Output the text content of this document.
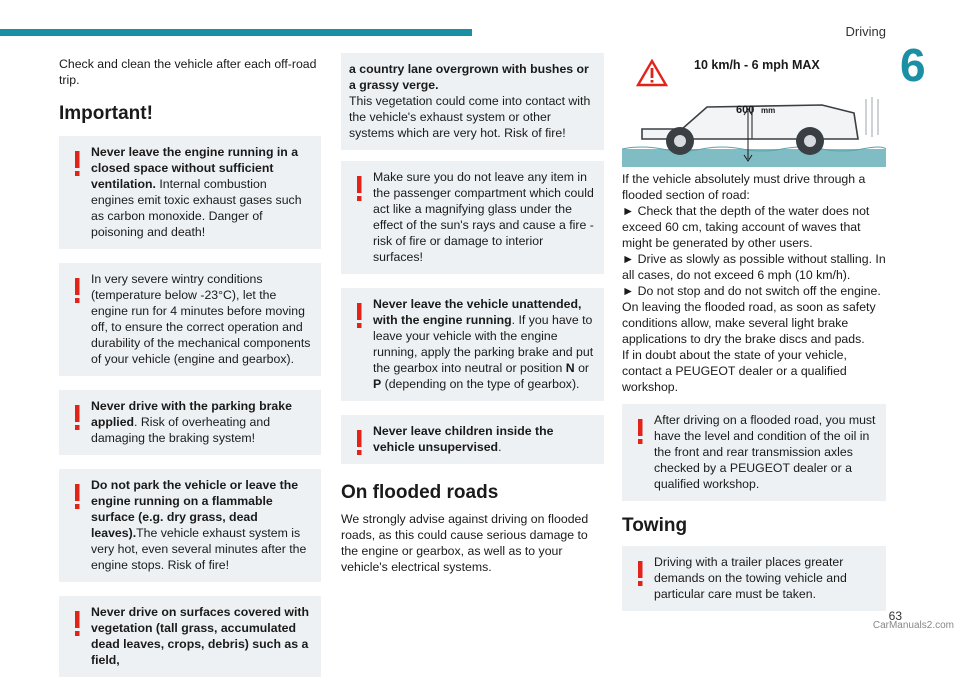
Driving
6

Check and clean the vehicle after each off-road trip.

Important!

Never leave the engine running in a closed space without sufficient ventilation. Internal combustion engines emit toxic exhaust gases such as carbon monoxide. Danger of poisoning and death!

In very severe wintry conditions (temperature below -23°C), let the engine run for 4 minutes before moving off, to ensure the correct operation and durability of the mechanical components of your vehicle (engine and gearbox).

Never drive with the parking brake applied. Risk of overheating and damaging the braking system!

Do not park the vehicle or leave the engine running on a flammable surface (e.g. dry grass, dead leaves).The vehicle exhaust system is very hot, even several minutes after the engine stops. Risk of fire!

Never drive on surfaces covered with vegetation (tall grass, accumulated dead leaves, crops, debris) such as a field,

a country lane overgrown with bushes or a grassy verge.
This vegetation could come into contact with the vehicle's exhaust system or other systems which are very hot. Risk of fire!

Make sure you do not leave any item in the passenger compartment which could act like a magnifying glass under the effect of the sun's rays and cause a fire - risk of fire or damage to interior surfaces!

Never leave the vehicle unattended, with the engine running. If you have to leave your vehicle with the engine running, apply the parking brake and put the gearbox into neutral or position N or P (depending on the type of gearbox).

Never leave children inside the vehicle unsupervised.

On flooded roads

We strongly advise against driving on flooded roads, as this could cause serious damage to the engine or gearbox, as well as to your vehicle's electrical systems.

10 km/h - 6 mph MAX
600 mm

If the vehicle absolutely must drive through a flooded section of road:

► Check that the depth of the water does not exceed 60 cm, taking account of waves that might be generated by other users.

► Drive as slowly as possible without stalling. In all cases, do not exceed 6 mph (10 km/h).

► Do not stop and do not switch off the engine.

On leaving the flooded road, as soon as safety conditions allow, make several light brake applications to dry the brake discs and pads.

If in doubt about the state of your vehicle, contact a PEUGEOT dealer or a qualified workshop.

After driving on a flooded road, you must have the level and condition of the oil in the front and rear transmission axles checked by a PEUGEOT dealer or a qualified workshop.

Towing

Driving with a trailer places greater demands on the towing vehicle and particular care must be taken.

63
CarManuals2.com
